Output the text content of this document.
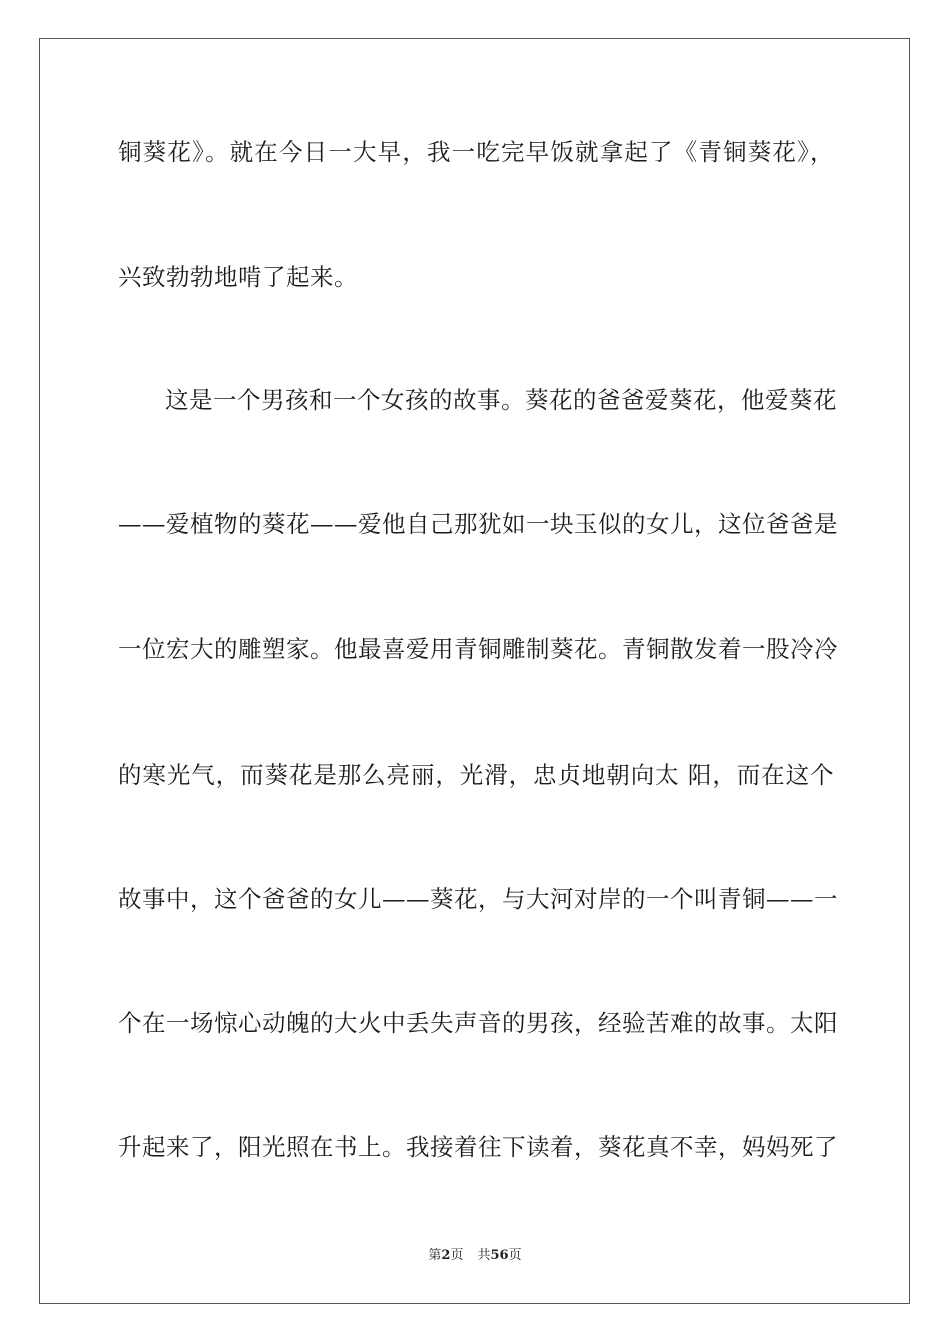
铜葵花》。就在今日一大早，我一吃完早饭就拿起了《青铜葵花》，
兴致勃勃地啃了起来。
这是一个男孩和一个女孩的故事。葵花的爸爸爱葵花，他爱葵花
——爱植物的葵花——爱他自己那犹如一块玉似的女儿，这位爸爸是
一位宏大的雕塑家。他最喜爱用青铜雕制葵花。青铜散发着一股冷冷
的寒光气，而葵花是那么亮丽，光滑，忠贞地朝向太 阳，而在这个
故事中，这个爸爸的女儿——葵花，与大河对岸的一个叫青铜——一
个在一场惊心动魄的大火中丢失声音的男孩，经验苦难的故事。太阳
升起来了，阳光照在书上。我接着往下读着，葵花真不幸，妈妈死了
第2页 共56页
